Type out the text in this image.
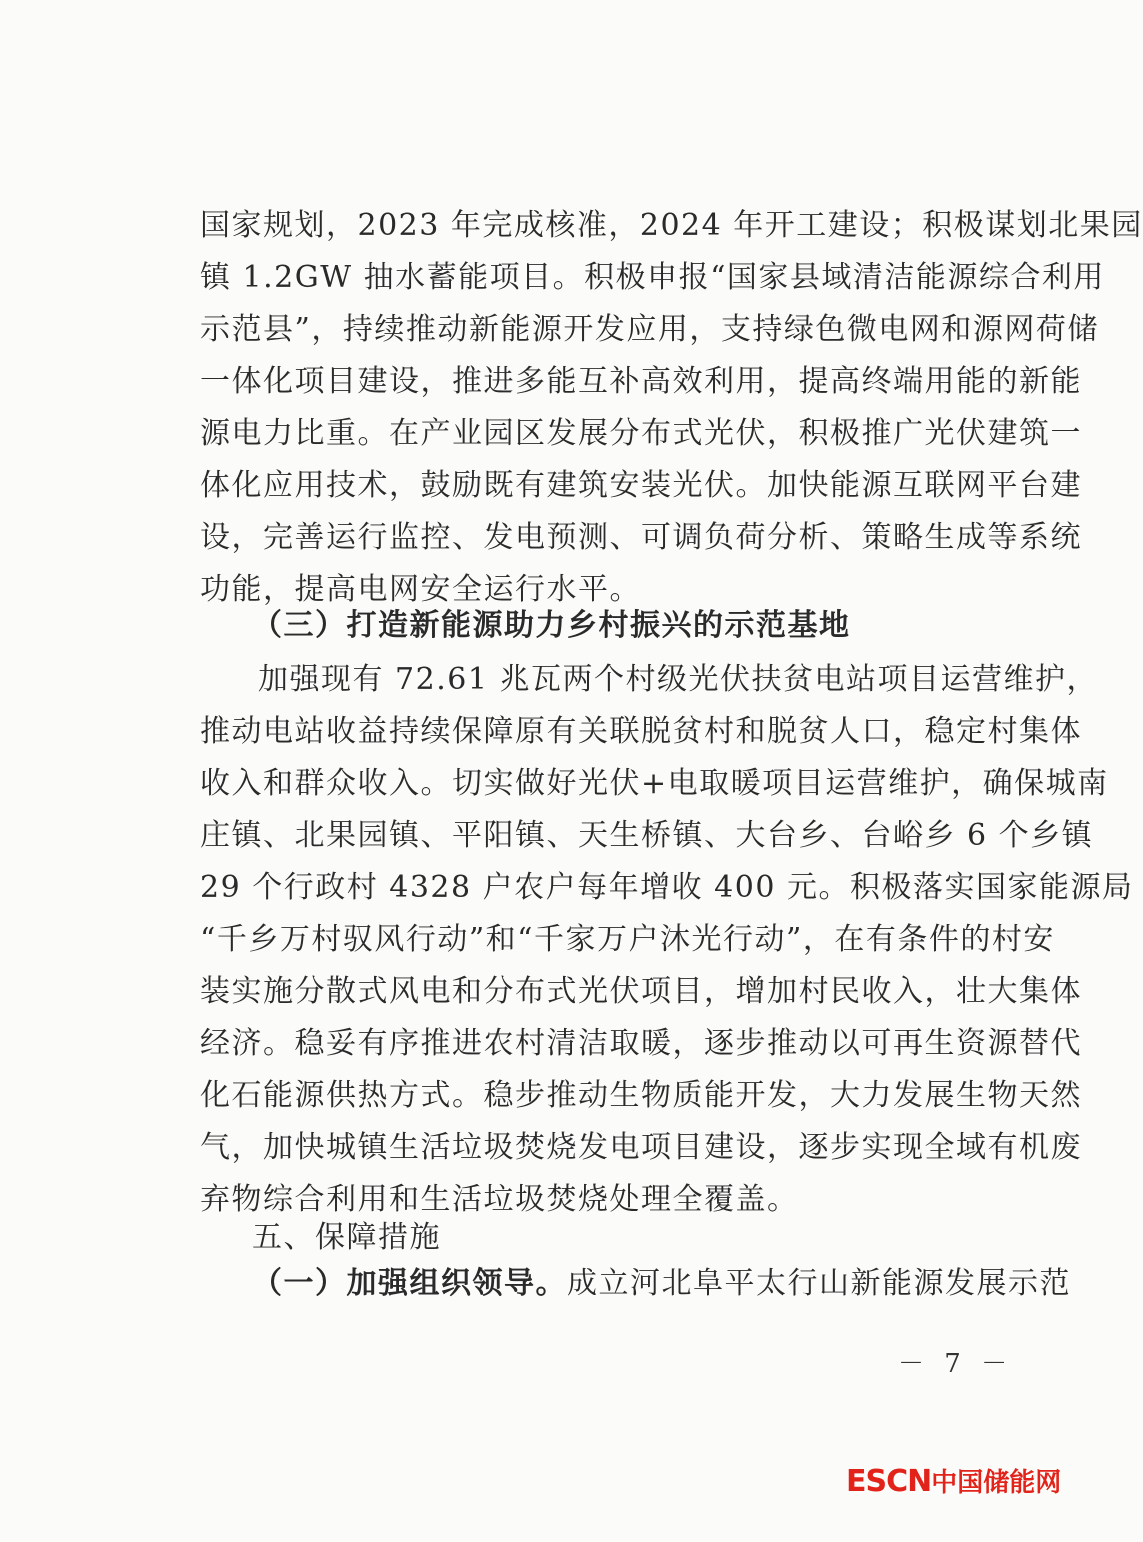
国家规划，2023 年完成核准，2024 年开工建设；积极谋划北果园
镇 1.2GW 抽水蓄能项目。积极申报“国家县域清洁能源综合利用
示范县”，持续推动新能源开发应用，支持绿色微电网和源网荷储
一体化项目建设，推进多能互补高效利用，提高终端用能的新能
源电力比重。在产业园区发展分布式光伏，积极推广光伏建筑一
体化应用技术，鼓励既有建筑安装光伏。加快能源互联网平台建
设，完善运行监控、发电预测、可调负荷分析、策略生成等系统
功能，提高电网安全运行水平。
（三）打造新能源助力乡村振兴的示范基地
加强现有 72.61 兆瓦两个村级光伏扶贫电站项目运营维护，
推动电站收益持续保障原有关联脱贫村和脱贫人口，稳定村集体
收入和群众收入。切实做好光伏+电取暖项目运营维护，确保城南
庄镇、北果园镇、平阳镇、天生桥镇、大台乡、台峪乡 6 个乡镇
29 个行政村 4328 户农户每年增收 400 元。积极落实国家能源局
“千乡万村驭风行动”和“千家万户沐光行动”，在有条件的村安
装实施分散式风电和分布式光伏项目，增加村民收入，壮大集体
经济。稳妥有序推进农村清洁取暖，逐步推动以可再生资源替代
化石能源供热方式。稳步推动生物质能开发，大力发展生物天然
气，加快城镇生活垃圾焚烧发电项目建设，逐步实现全域有机废
弃物综合利用和生活垃圾焚烧处理全覆盖。
五、保障措施
（一）加强组织领导。成立河北阜平太行山新能源发展示范
－ 7 －
ESCN中国储能网
